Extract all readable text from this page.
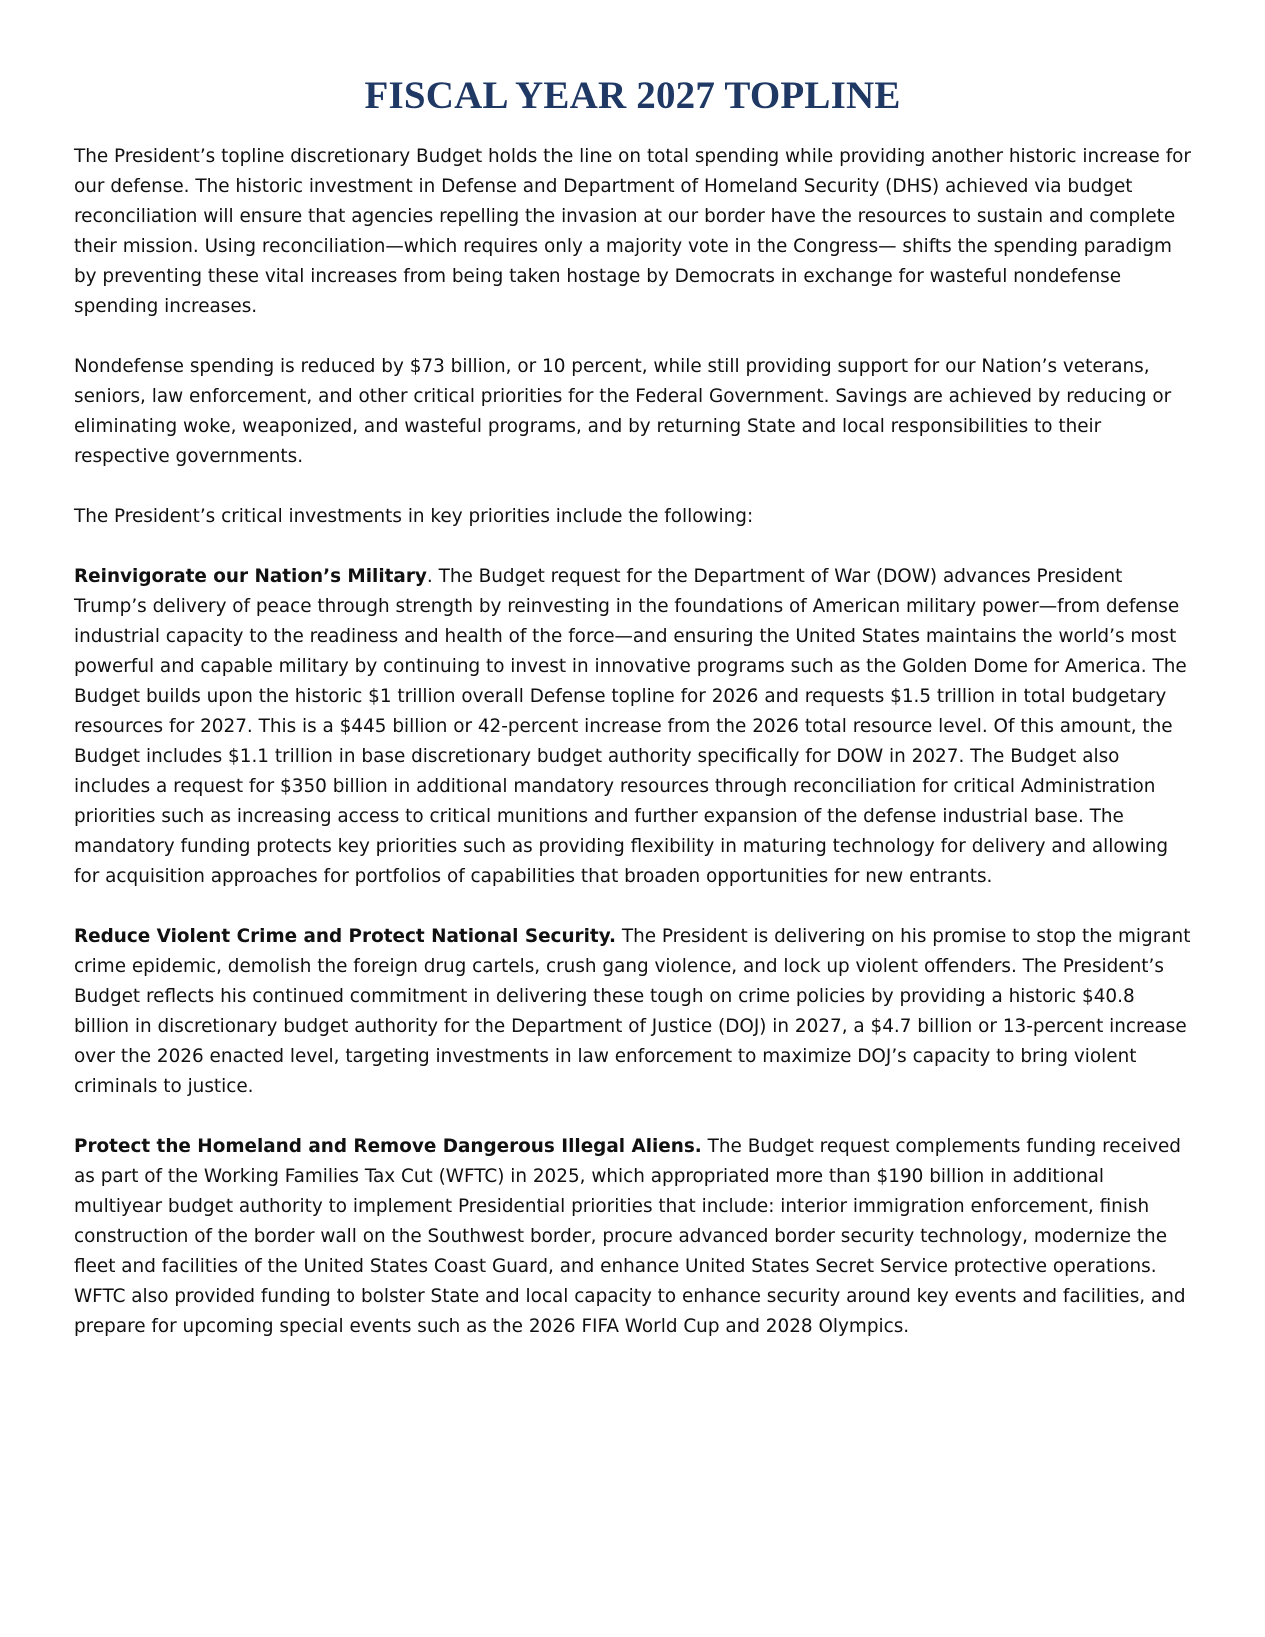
FISCAL YEAR 2027 TOPLINE

The President’s topline discretionary Budget holds the line on total spending while providing another historic increase for our defense. The historic investment in Defense and Department of Homeland Security (DHS) achieved via budget reconciliation will ensure that agencies repelling the invasion at our border have the resources to sustain and complete their mission. Using reconciliation—which requires only a majority vote in the Congress— shifts the spending paradigm by preventing these vital increases from being taken hostage by Democrats in exchange for wasteful nondefense spending increases.

Nondefense spending is reduced by $73 billion, or 10 percent, while still providing support for our Nation’s veterans, seniors, law enforcement, and other critical priorities for the Federal Government. Savings are achieved by reducing or eliminating woke, weaponized, and wasteful programs, and by returning State and local responsibilities to their respective governments.

The President’s critical investments in key priorities include the following:

Reinvigorate our Nation’s Military. The Budget request for the Department of War (DOW) advances President Trump’s delivery of peace through strength by reinvesting in the foundations of American military power—from defense industrial capacity to the readiness and health of the force—and ensuring the United States maintains the world’s most powerful and capable military by continuing to invest in innovative programs such as the Golden Dome for America. The Budget builds upon the historic $1 trillion overall Defense topline for 2026 and requests $1.5 trillion in total budgetary resources for 2027. This is a $445 billion or 42-percent increase from the 2026 total resource level. Of this amount, the Budget includes $1.1 trillion in base discretionary budget authority specifically for DOW in 2027. The Budget also includes a request for $350 billion in additional mandatory resources through reconciliation for critical Administration priorities such as increasing access to critical munitions and further expansion of the defense industrial base. The mandatory funding protects key priorities such as providing flexibility in maturing technology for delivery and allowing for acquisition approaches for portfolios of capabilities that broaden opportunities for new entrants.

Reduce Violent Crime and Protect National Security. The President is delivering on his promise to stop the migrant crime epidemic, demolish the foreign drug cartels, crush gang violence, and lock up violent offenders. The President’s Budget reflects his continued commitment in delivering these tough on crime policies by providing a historic $40.8 billion in discretionary budget authority for the Department of Justice (DOJ) in 2027, a $4.7 billion or 13-percent increase over the 2026 enacted level, targeting investments in law enforcement to maximize DOJ’s capacity to bring violent criminals to justice.

Protect the Homeland and Remove Dangerous Illegal Aliens. The Budget request complements funding received as part of the Working Families Tax Cut (WFTC) in 2025, which appropriated more than $190 billion in additional multiyear budget authority to implement Presidential priorities that include: interior immigration enforcement, finish construction of the border wall on the Southwest border, procure advanced border security technology, modernize the fleet and facilities of the United States Coast Guard, and enhance United States Secret Service protective operations. WFTC also provided funding to bolster State and local capacity to enhance security around key events and facilities, and prepare for upcoming special events such as the 2026 FIFA World Cup and 2028 Olympics.
